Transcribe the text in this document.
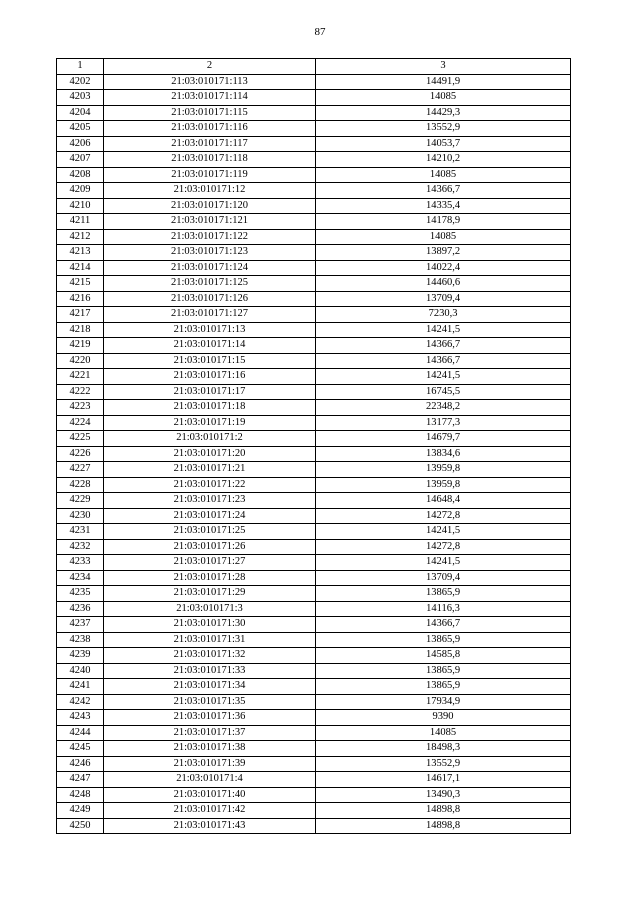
87
1	2	3
4202	21:03:010171:113	14491,9
4203	21:03:010171:114	14085
4204	21:03:010171:115	14429,3
4205	21:03:010171:116	13552,9
4206	21:03:010171:117	14053,7
4207	21:03:010171:118	14210,2
4208	21:03:010171:119	14085
4209	21:03:010171:12	14366,7
4210	21:03:010171:120	14335,4
4211	21:03:010171:121	14178,9
4212	21:03:010171:122	14085
4213	21:03:010171:123	13897,2
4214	21:03:010171:124	14022,4
4215	21:03:010171:125	14460,6
4216	21:03:010171:126	13709,4
4217	21:03:010171:127	7230,3
4218	21:03:010171:13	14241,5
4219	21:03:010171:14	14366,7
4220	21:03:010171:15	14366,7
4221	21:03:010171:16	14241,5
4222	21:03:010171:17	16745,5
4223	21:03:010171:18	22348,2
4224	21:03:010171:19	13177,3
4225	21:03:010171:2	14679,7
4226	21:03:010171:20	13834,6
4227	21:03:010171:21	13959,8
4228	21:03:010171:22	13959,8
4229	21:03:010171:23	14648,4
4230	21:03:010171:24	14272,8
4231	21:03:010171:25	14241,5
4232	21:03:010171:26	14272,8
4233	21:03:010171:27	14241,5
4234	21:03:010171:28	13709,4
4235	21:03:010171:29	13865,9
4236	21:03:010171:3	14116,3
4237	21:03:010171:30	14366,7
4238	21:03:010171:31	13865,9
4239	21:03:010171:32	14585,8
4240	21:03:010171:33	13865,9
4241	21:03:010171:34	13865,9
4242	21:03:010171:35	17934,9
4243	21:03:010171:36	9390
4244	21:03:010171:37	14085
4245	21:03:010171:38	18498,3
4246	21:03:010171:39	13552,9
4247	21:03:010171:4	14617,1
4248	21:03:010171:40	13490,3
4249	21:03:010171:42	14898,8
4250	21:03:010171:43	14898,8
